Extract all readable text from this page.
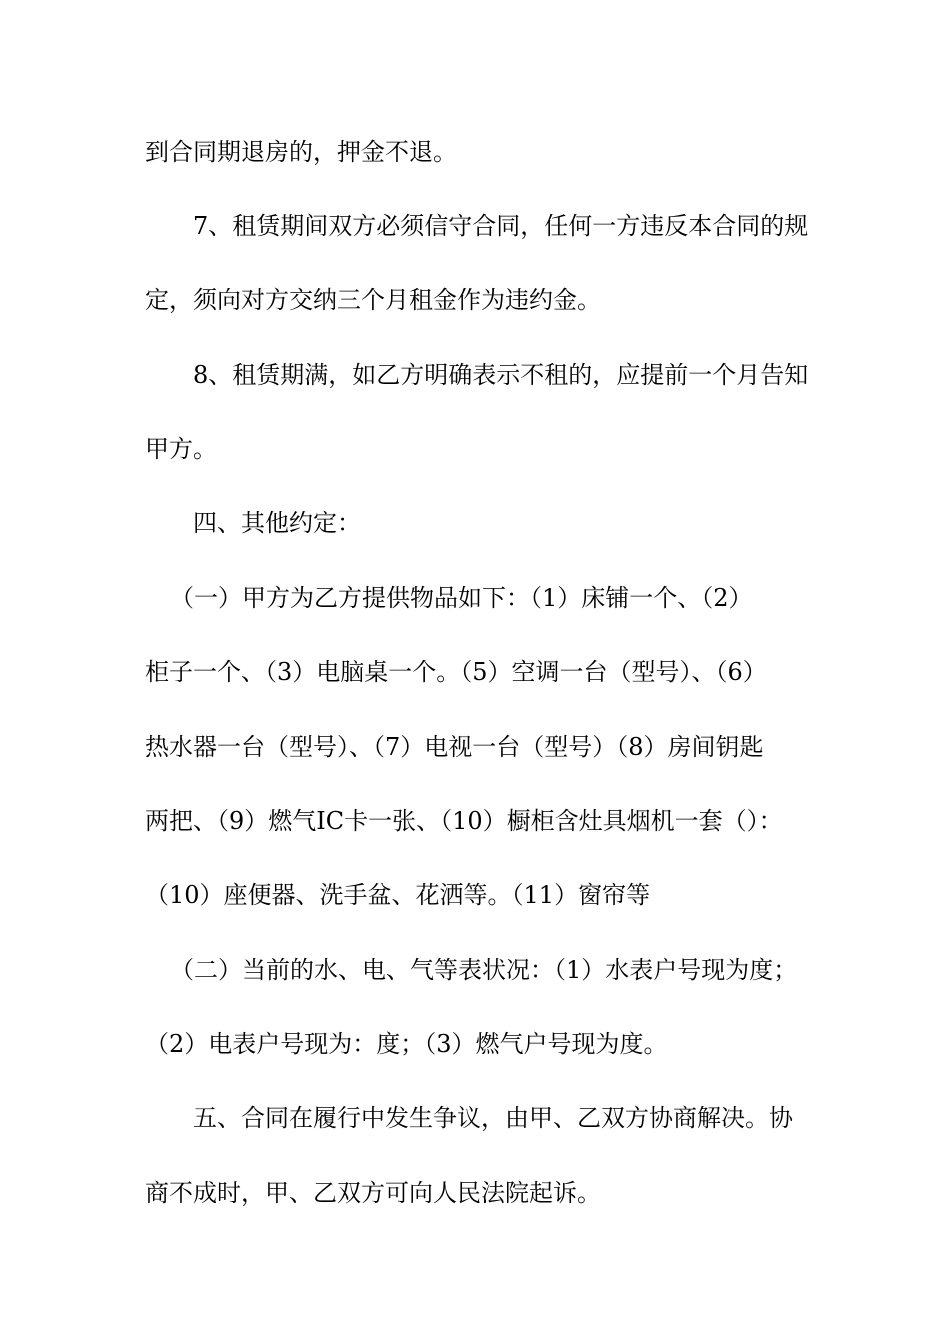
到合同期退房的，押金不退。
7、租赁期间双方必须信守合同，任何一方违反本合同的规
定，须向对方交纳三个月租金作为违约金。
8、租赁期满，如乙方明确表示不租的，应提前一个月告知
甲方。
四、其他约定：
（一）甲方为乙方提供物品如下：（1）床铺一个、（2）
柜子一个、（3）电脑桌一个。（5）空调一台（型号）、（6）
热水器一台（型号）、（7）电视一台（型号）（8）房间钥匙
两把、（9）燃气IC卡一张、（10）橱柜含灶具烟机一套（）：
（10）座便器、洗手盆、花洒等。（11）窗帘等
（二）当前的水、电、气等表状况：（1）水表户号现为度；
（2）电表户号现为：度；（3）燃气户号现为度。
五、合同在履行中发生争议，由甲、乙双方协商解决。协
商不成时，甲、乙双方可向人民法院起诉。
